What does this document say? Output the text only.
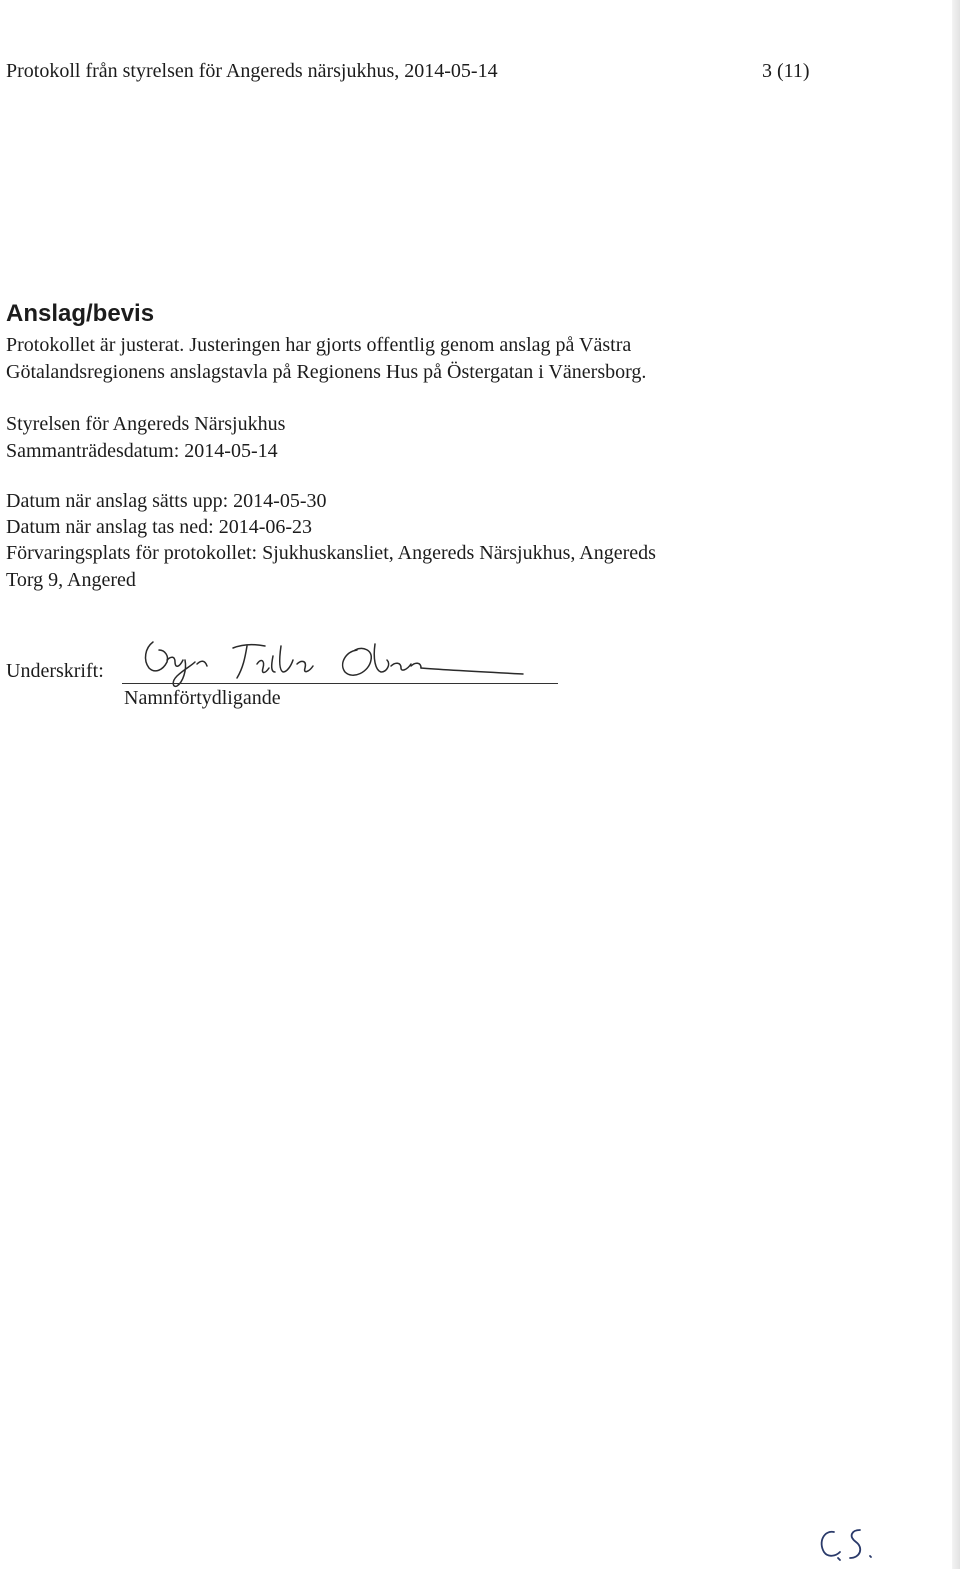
Protokoll från styrelsen för Angereds närsjukhus, 2014-05-14	3 (11)
Anslag/bevis
Protokollet är justerat. Justeringen har gjorts offentlig genom anslag på Västra
Götalandsregionens anslagstavla på Regionens Hus på Östergatan i Vänersborg.
Styrelsen för Angereds Närsjukhus
Sammanträdesdatum: 2014-05-14
Datum när anslag sätts upp: 2014-05-30
Datum när anslag tas ned: 2014-06-23
Förvaringsplats för protokollet: Sjukhuskansliet, Angereds Närsjukhus, Angereds
Torg 9, Angered
Underskrift:
Namnförtydligande
